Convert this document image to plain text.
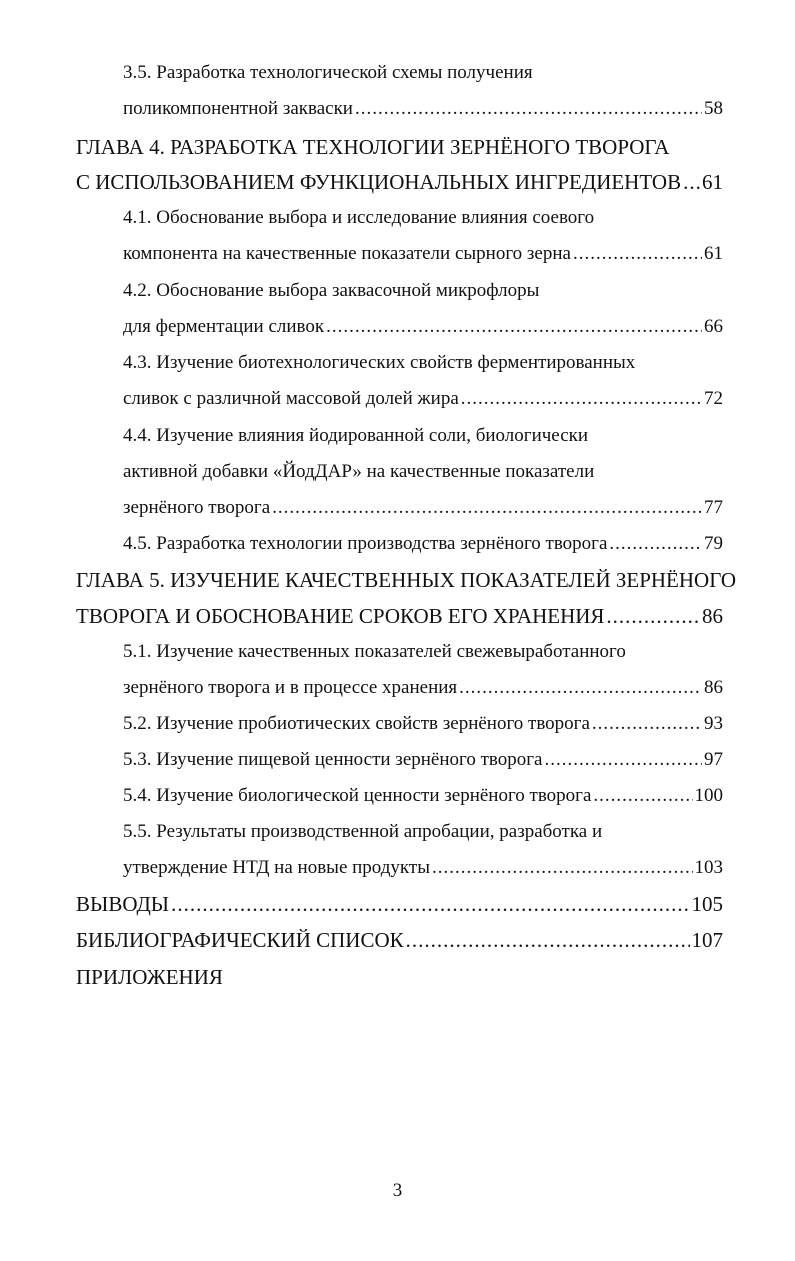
3.5. Разработка технологической схемы получения
поликомпонентной закваски .....	58
ГЛАВА 4. РАЗРАБОТКА ТЕХНОЛОГИИ ЗЕРНЁНОГО ТВОРОГА
С ИСПОЛЬЗОВАНИЕМ ФУНКЦИОНАЛЬНЫХ ИНГРЕДИЕНТОВ ..... 61
4.1. Обоснование выбора и исследование влияния соевого
компонента на качественные показатели сырного зерна .....	61
4.2. Обоснование выбора заквасочной микрофлоры
для ферментации сливок .....	66
4.3. Изучение биотехнологических свойств ферментированных
сливок с различной массовой долей жира .....	72
4.4. Изучение влияния йодированной соли, биологически
активной добавки «ЙодДАР» на качественные показатели
зернёного творога .....	77
4.5. Разработка технологии производства зернёного творога .....	79
ГЛАВА 5. ИЗУЧЕНИЕ КАЧЕСТВЕННЫХ ПОКАЗАТЕЛЕЙ ЗЕРНЁНОГО
ТВОРОГА И ОБОСНОВАНИЕ СРОКОВ ЕГО ХРАНЕНИЯ .....	86
5.1. Изучение качественных показателей свежевыработанного
зернёного творога и в процессе хранения .....	86
5.2. Изучение пробиотических свойств зернёного творога .....	93
5.3. Изучение пищевой ценности зернёного творога .....	97
5.4. Изучение биологической ценности зернёного творога .....	100
5.5. Результаты производственной апробации, разработка и
утверждение НТД на новые продукты .....	103
ВЫВОДЫ .....	105
БИБЛИОГРАФИЧЕСКИЙ СПИСОК .....	107
ПРИЛОЖЕНИЯ
3
